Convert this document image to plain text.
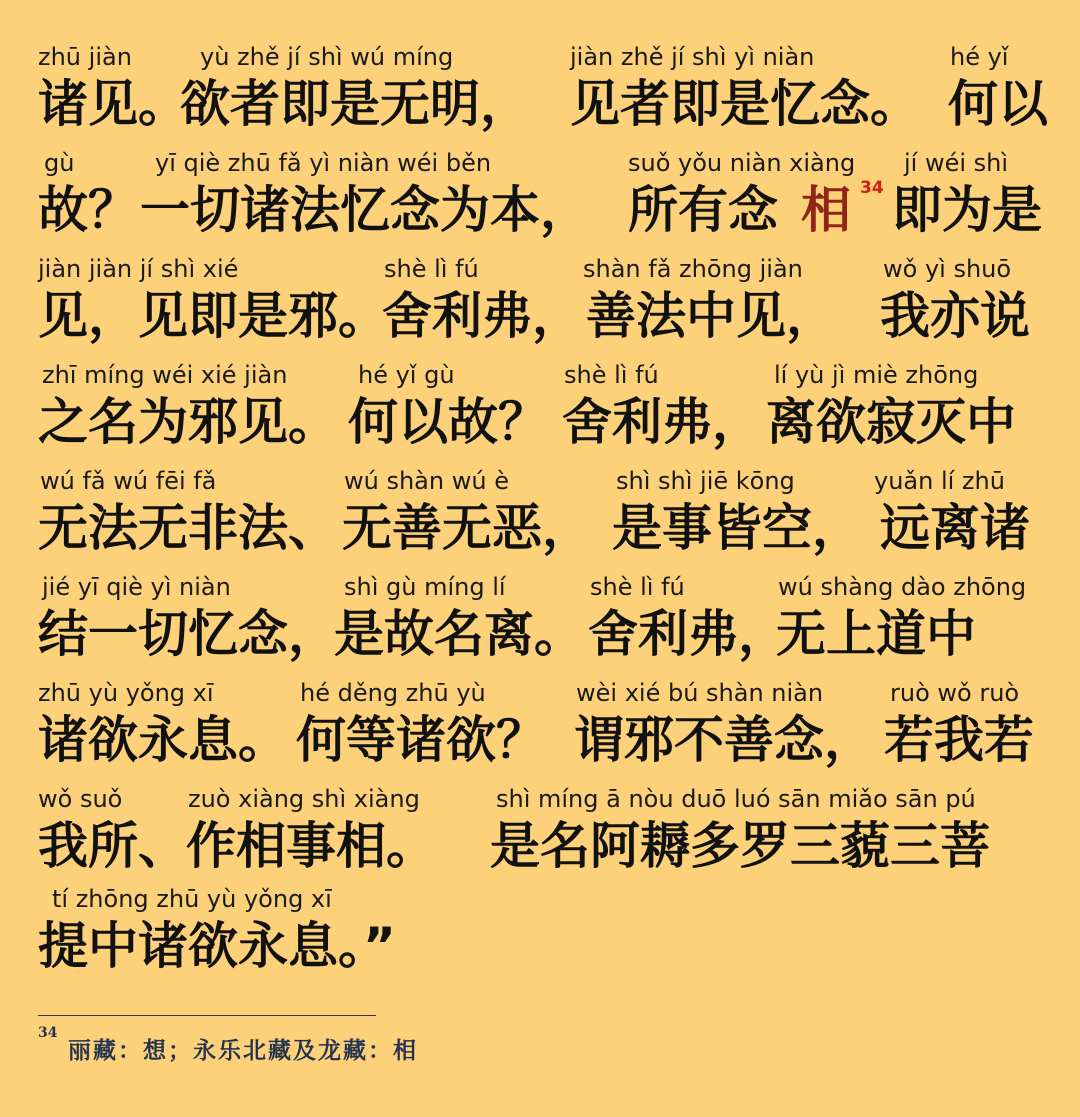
zhū jiàn	yù zhě jí shì wú míng	jiàn zhě jí shì yì niàn	hé yǐ
诸见。
欲者即是无明， 见者即是忆念。 何以
gù	yī qiè zhū fǎ yì niàn wéi běn	suǒ yǒu niàn xiàng jí wéi shì
故？ 一切诸法忆念为本， 所有念 相 34 即为是
jiàn jiàn jí shì xié	shè lì fú	shàn fǎ zhōng jiàn	wǒ yì shuō
见，见即是邪。
舍利弗， 善法中见， 我亦说
zhī míng wéi xié jiàn	hé yǐ gù	shè lì fú	lí yù jì miè zhōng
之名为邪见。 何以故？ 舍利弗， 离欲寂灭中
wú fǎ wú fēi fǎ	wú shàn wú è	shì shì jiē kōng	yuǎn lí zhū
无法无非法、 无善无恶， 是事皆空， 远离诸
jié yī qiè yì niàn	shì gù míng lí	shè lì fú	wú shàng dào zhōng
结一切忆念，
是故名离。 舍利弗，
无上道中
zhū yù yǒng xī	hé děng zhū yù	wèi xié bú shàn niàn	ruò wǒ ruò
诸欲永息。 何等诸欲？ 谓邪不善念， 若我若
wǒ suǒ	zuò xiàng shì xiàng	shì míng ā nòu duō luó sān miǎo sān pú
我所、
作相事相。 是名阿耨多罗三藐三菩
tí zhōng zhū yù yǒng xī
提中诸欲永息。”
34
丽藏：想；永乐北藏及龙藏：相
